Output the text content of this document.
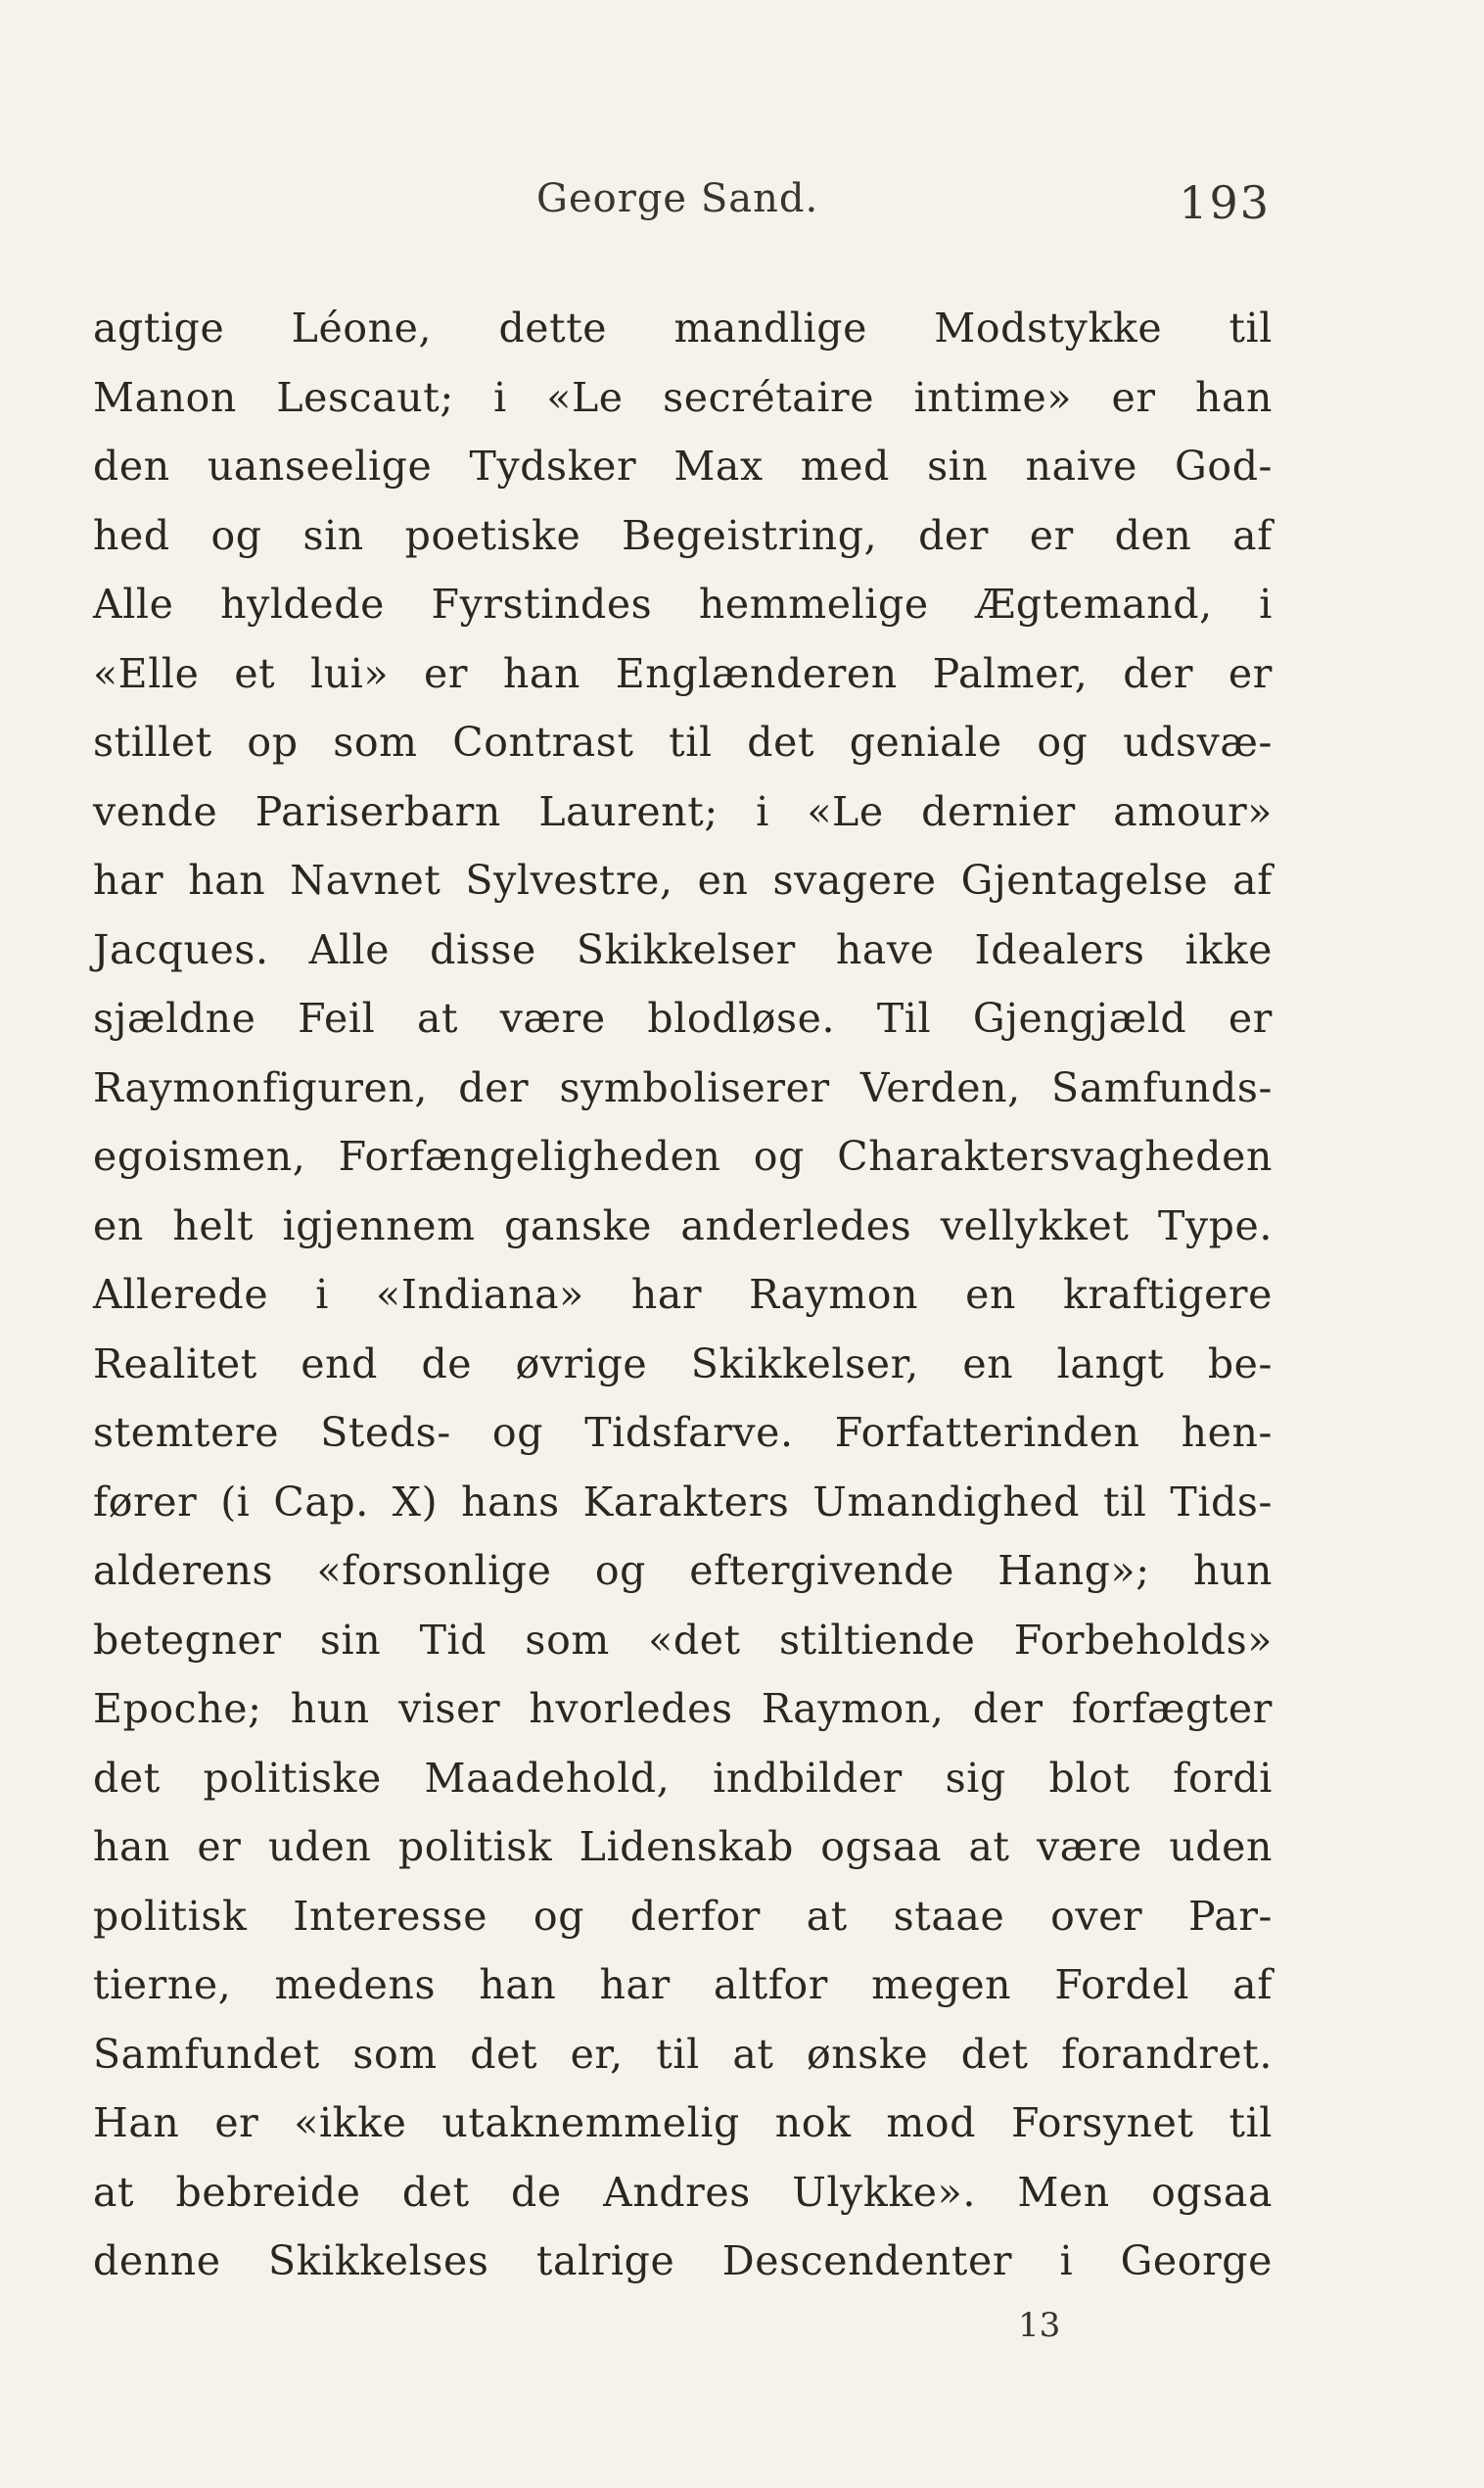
George Sand.	193
agtige Léone, dette mandlige Modstykke til
Manon Lescaut; i «Le secrétaire intime» er han
den uanseelige Tydsker Max med sin naive God-
hed og sin poetiske Begeistring, der er den af
Alle hyldede Fyrstindes hemmelige Ægtemand, i
«Elle et lui» er han Englænderen Palmer, der er
stillet op som Contrast til det geniale og udsvæ-
vende Pariserbarn Laurent; i «Le dernier amour»
har han Navnet Sylvestre, en svagere Gjentagelse af
Jacques. Alle disse Skikkelser have Idealers ikke
sjældne Feil at være blodløse. Til Gjengjæld er
Raymonfiguren, der symboliserer Verden, Samfunds-
egoismen, Forfængeligheden og Charaktersvagheden
en helt igjennem ganske anderledes vellykket Type.
Allerede i «Indiana» har Raymon en kraftigere
Realitet end de øvrige Skikkelser, en langt be-
stemtere Steds- og Tidsfarve. Forfatterinden hen-
fører (i Cap. X) hans Karakters Umandighed til Tids-
alderens «forsonlige og eftergivende Hang»; hun
betegner sin Tid som «det stiltiende Forbeholds»
Epoche; hun viser hvorledes Raymon, der forfægter
det politiske Maadehold, indbilder sig blot fordi
han er uden politisk Lidenskab ogsaa at være uden
politisk Interesse og derfor at staae over Par-
tierne, medens han har altfor megen Fordel af
Samfundet som det er, til at ønske det forandret.
Han er «ikke utaknemmelig nok mod Forsynet til
at bebreide det de Andres Ulykke». Men ogsaa
denne Skikkelses talrige Descendenter i George
13
